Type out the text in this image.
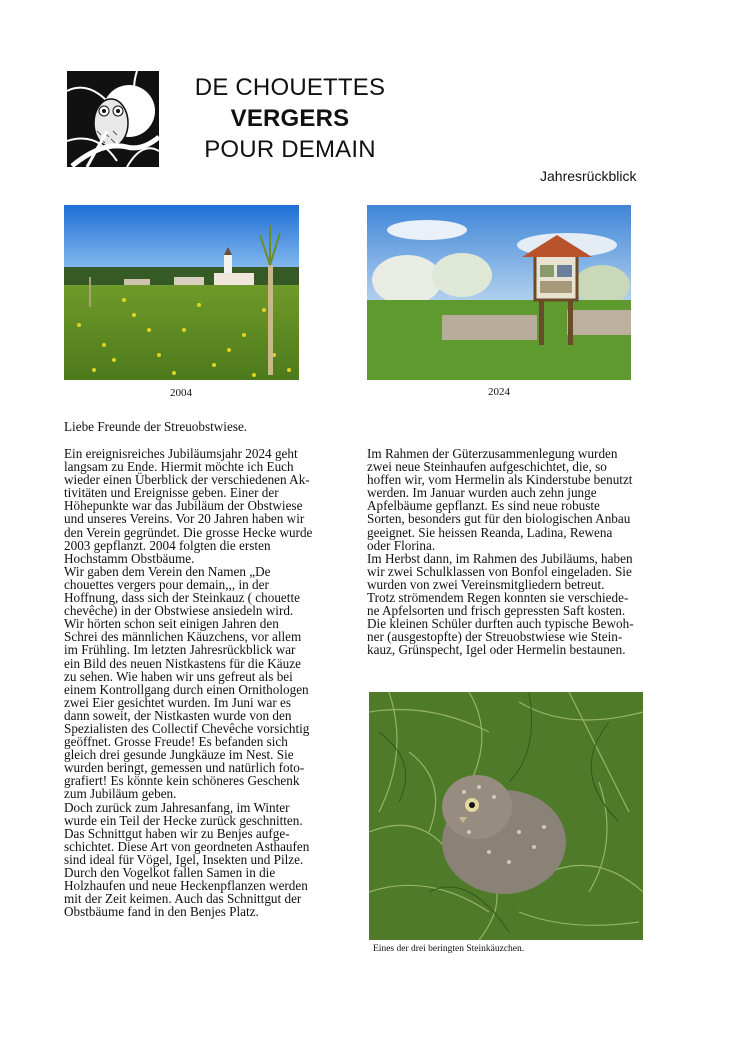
DE CHOUETTES
VERGERS
POUR DEMAIN
Jahresrückblick
2004	2024
Liebe Freunde der Streuobstwiese.

Ein ereignisreiches Jubiläumsjahr 2024 geht

langsam zu Ende. Hiermit möchte ich Euch

wieder einen Überblick der verschiedenen Ak-

tivitäten und Ereignisse geben. Einer der

Höhepunkte war das Jubiläum der Obstwiese

und unseres Vereins. Vor 20 Jahren haben wir

den Verein gegründet. Die grosse Hecke wurde

2003 gepflanzt. 2004 folgten die ersten

Hochstamm Obstbäume.

Wir gaben dem Verein den Namen „De

chouettes vergers pour demain,,, in der

Hoffnung, dass sich der Steinkauz ( chouette

chevêche) in der Obstwiese ansiedeln wird.

Wir hörten schon seit einigen Jahren den

Schrei des männlichen Käuzchens, vor allem

im Frühling. Im letzten Jahresrückblick war

ein Bild des neuen Nistkastens für die Käuze

zu sehen. Wie haben wir uns gefreut als bei

einem Kontrollgang durch einen Ornithologen

zwei Eier gesichtet wurden. Im Juni war es

dann soweit, der Nistkasten wurde von den

Spezialisten des Collectif Chevêche vorsichtig

geöffnet. Grosse Freude! Es befanden sich

gleich drei gesunde Jungkäuze im Nest. Sie

wurden beringt, gemessen und natürlich foto-

grafiert! Es könnte kein schöneres Geschenk

zum Jubiläum geben.

Doch zurück zum Jahresanfang, im Winter

wurde ein Teil der Hecke zurück geschnitten.

Das Schnittgut haben wir zu Benjes aufge-

schichtet. Diese Art von geordneten Asthaufen

sind ideal für Vögel, Igel, Insekten und Pilze.

Durch den Vogelkot fallen Samen in die

Holzhaufen und neue Heckenpflanzen werden

mit der Zeit keimen. Auch das Schnittgut der

Obstbäume fand in den Benjes Platz.

Im Rahmen der Güterzusammenlegung wurden

zwei neue Steinhaufen aufgeschichtet, die, so

hoffen wir, vom Hermelin als Kinderstube benutzt

werden. Im Januar wurden auch zehn junge

Apfelbäume gepflanzt. Es sind neue robuste

Sorten, besonders gut für den biologischen Anbau

geeignet. Sie heissen Reanda, Ladina, Rewena

oder Florina.

Im Herbst dann, im Rahmen des Jubiläums, haben

wir zwei Schulklassen von Bonfol eingeladen. Sie

wurden von zwei Vereinsmitgliedern betreut.

Trotz strömendem Regen konnten sie verschiede-

ne Apfelsorten und frisch gepressten Saft kosten.

Die kleinen Schüler durften auch typische Bewoh-

ner (ausgestopfte) der Streuobstwiese wie Stein-

kauz, Grünspecht, Igel oder Hermelin bestaunen.

Eines der drei beringten Steinkäuzchen.
